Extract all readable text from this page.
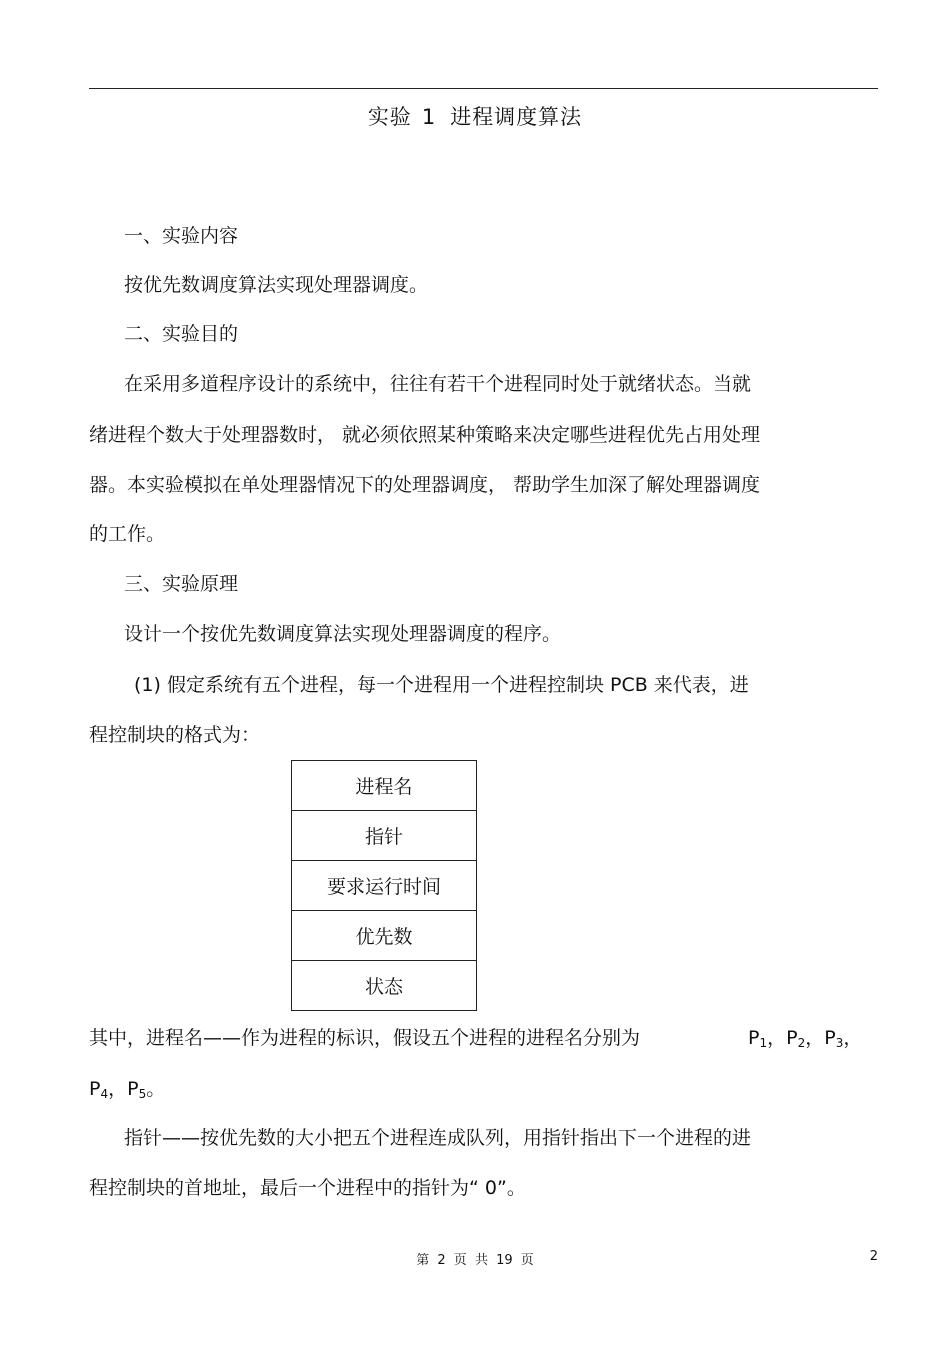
实验 1 进程调度算法
一、实验内容
按优先数调度算法实现处理器调度。
二、实验目的
在采用多道程序设计的系统中，往往有若干个进程同时处于就绪状态。当就
绪进程个数大于处理器数时， 就必须依照某种策略来决定哪些进程优先占用处理
器。本实验模拟在单处理器情况下的处理器调度， 帮助学生加深了解处理器调度
的工作。
三、实验原理
设计一个按优先数调度算法实现处理器调度的程序。
(1) 假定系统有五个进程，每一个进程用一个进程控制块 PCB 来代表，进
程控制块的格式为：
进程名
指针
要求运行时间
优先数
状态
其中，进程名——作为进程的标识，假设五个进程的进程名分别为	$P_1$，$P_2$，$P_3$，
$P_4$，$P_5$。
指针——按优先数的大小把五个进程连成队列，用指针指出下一个进程的进
程控制块的首地址，最后一个进程中的指针为“ 0”。
第 2 页 共 19 页	2
